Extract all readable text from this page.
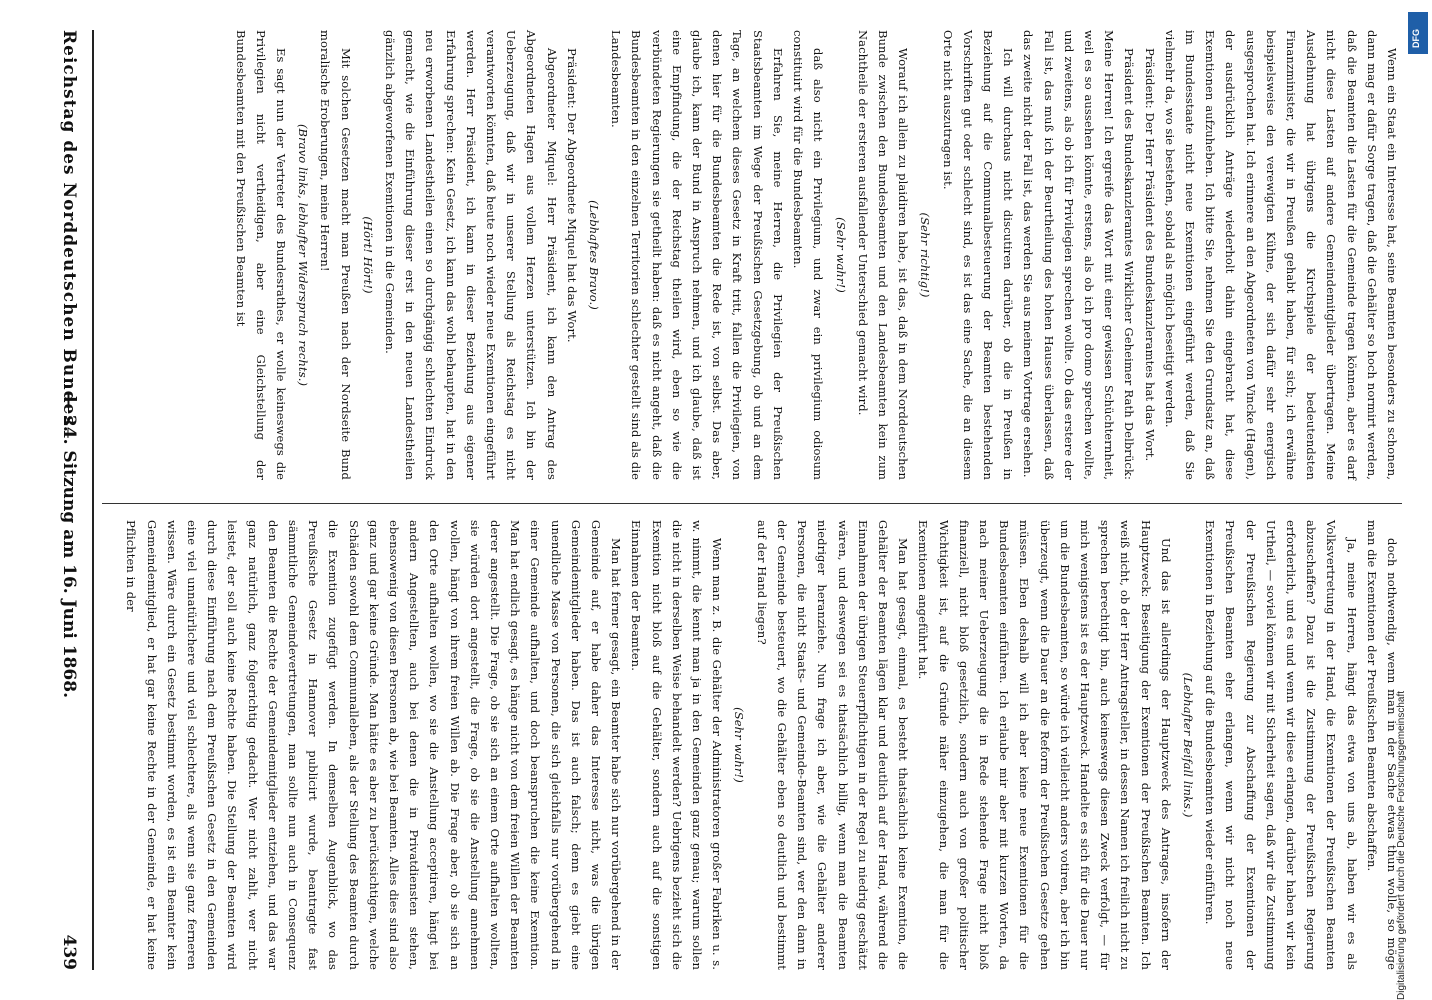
Reichstag des Norddeutschen Bundes.
— 24. Sitzung am 16. Juni 1868.
439

Wenn ein Staat ein Interesse hat, seine Beamten besonders zu schonen, dann mag er dafür Sorge tragen, daß die Gehälter so hoch normirt werden, daß die Beamten die Lasten für die Gemeinde tragen können, aber es darf nicht diese Lasten auf andere Gemeindemitglieder übertragen. Meine Ausdehnung hat übrigens die Kirchspiele der bedeutendsten Finanzminister, die wir in Preußen gehabt haben, für sich; ich erwähne beispielsweise den verewigten Kühne, der sich dafür sehr energisch ausgesprochen hat. Ich erinnere an den Abgeordneten von Vincke (Hagen), der ausdrücklich Anträge wiederholt dahin eingebracht hat, diese Exemtionen aufzuheben. Ich bitte Sie, nehmen Sie den Grundsatz an, daß im Bundesstaate nicht neue Exemtionen eingeführt werden, daß Sie vielmehr da, wo sie bestehen, sobald als möglich beseitigt werden.

Präsident: Der Herr Präsident des Bundeskanzleramtes hat das Wort.

Präsident des Bundeskanzleramtes Wirklicher Geheimer Rath Delbrück: Meine Herren! Ich ergreife das Wort mit einer gewissen Schüchternheit, weil es so aussehen könnte, erstens, als ob ich pro domo sprechen wollte, und zweitens, als ob ich für Privilegien sprechen wollte. Ob das erstere der Fall ist, das muß ich der Beurtheilung des hohen Hauses überlassen, daß das zweite nicht der Fall ist, das werden Sie aus meinem Vortrage ersehen.

Ich will durchaus nicht discutiren darüber, ob die in Preußen in Beziehung auf die Communalbesteuerung der Beamten bestehenden Vorschriften gut oder schlecht sind, es ist das eine Sache, die an diesem Orte nicht auszutragen ist.

(Sehr richtig!)

Worauf ich allein zu plaidiren habe, ist das, daß in dem Norddeutschen Bunde zwischen den Bundesbeamten und den Landesbeamten kein zum Nachtheile der ersteren ausfallender Unterschied gemacht wird.

(Sehr wahr!)

daß also nicht ein Privilegium, und zwar ein privilegium odiosum constituirt wird für die Bundesbeamten.

Erfahren Sie, meine Herren, die Privilegien der Preußischen Staatsbeamten im Wege der Preußischen Gesetzgebung, ob und an dem Tage, an welchem dieses Gesetz in Kraft tritt, fallen die Privilegien, von denen hier für die Bundesbeamten die Rede ist, von selbst. Das aber, glaube ich, kann der Bund in Anspruch nehmen, und ich glaube, daß ist eine Empfindung, die der Reichstag theilen wird, eben so wie die verbündeten Regierungen sie getheilt haben: daß es nicht angeht, daß die Bundesbeamten in den einzelnen Territorien schlechter gestellt sind als die Landesbeamten.

(Lebhaftes Bravo.)

Präsident: Der Abgeordnete Miquel hat das Wort.

Abgeordneter Miquel: Herr Präsident, ich kann den Antrag des Abgeordneten Hagen aus vollem Herzen unterstützen. Ich bin der Ueberzeugung, daß wir in unserer Stellung als Reichstag es nicht verantworten könnten, daß heute noch wieder neue Exemtionen eingeführt werden. Herr Präsident, ich kann in dieser Beziehung aus eigener Erfahrung sprechen: Kein Gesetz, ich kann das wohl behaupten, hat in den neu erworbenen Landestheilen einen so durchgängig schlechten Eindruck gemacht, wie die Einführung dieser erst in den neuen Landestheilen gänzlich abgeworfenen Exemtionen in die Gemeinden.

(Hört! Hört!)

Mit solchen Gesetzen macht man Preußen nach der Nordseite Bund moralische Eroberungen, meine Herren!

(Bravo links, lebhafter Widerspruch rechts.)

Es sagt nun der Vertreter des Bundesrathes, er wolle keineswegs die Privilegien nicht vertheidigen, aber eine Gleichstellung der Bundesbeamten mit den Preußischen Beamten ist

doch nothwendig, wenn man in der Sache etwas thun wolle, so möge man die Exemtionen der Preußischen Beamten abschaffen.

Ja, meine Herren, hängt das etwa von uns ab, haben wir es als Volksvertretung in der Hand, die Exemtionen der Preußischen Beamten abzuschaffen? Dazu ist die Zustimmung der Preußischen Regierung erforderlich, und es und wenn wir diese erlangen, darüber haben wir kein Urtheil, — soviel können wir mit Sicherheit sagen, daß wir die Zustimmung der Preußischen Regierung zur Abschaffung der Exemtionen der Preußischen Beamten eher erlangen, wenn wir nicht noch neue Exemtionen in Beziehung auf die Bundesbeamten wieder einführen.

(Lebhafter Beifall links.)

Und das ist allerdings der Hauptzweck des Antrages, insofern der Hauptzweck: Beseitigung der Exemtionen der Preußischen Beamten. Ich weiß nicht, ob der Herr Antragsteller, in dessen Namen ich freilich nicht zu sprechen berechtigt bin, auch keineswegs diesen Zweck verfolgt, — für mich wenigstens ist es der Hauptzweck. Handelte es sich für die Dauer nur um die Bundesbeamten, so würde ich vielleicht anders votiren, aber ich bin überzeugt, wenn die Dauer an die Reform der Preußischen Gesetze gehen müssen. Eben deshalb will ich aber keine neue Exemtionen für die Bundesbeamten einführen. Ich erlaube mir aber mit kurzen Worten, da nach meiner Ueberzeugung die in Rede stehende Frage nicht bloß finanziell, nicht bloß gesetzlich, sondern auch von großer politischer Wichtigkeit ist, auf die Gründe näher einzugehen, die man für die Exemtionen angeführt hat.

Man hat gesagt, einmal, es besteht thatsächlich keine Exemtion, die Gehälter der Beamten lägen klar und deutlich auf der Hand, während die Einnahmen der übrigen Steuerpflichtigen in der Regel zu niedrig geschätzt wären, und deswegen sei es thatsächlich billig, wenn man die Beamten niedriger heranziehe. Nun frage ich aber, wie die Gehälter anderer Personen, die nicht Staats- und Gemeinde-Beamten sind, wer den dann in der Gemeinde besteuert, wo die Gehälter eben so deutlich und bestimmt auf der Hand liegen?

(Sehr wahr!)

Wenn man z. B. die Gehälter der Administratoren großer Fabriken u. s. w. nimmt, die kennt man ja in den Gemeinden ganz genau; warum sollen die nicht in derselben Weise behandelt werden? Uebrigens bezieht sich die Exemtion nicht bloß auf die Gehälter, sondern auch auf die sonstigen Einnahmen der Beamten.

Man hat ferner gesagt, ein Beamter habe sich nur vorübergehend in der Gemeinde auf, er habe daher das Interesse nicht, was die übrigen Gemeindemitglieder haben. Das ist auch falsch; denn es giebt eine unendliche Masse von Personen, die sich gleichfalls nur vorübergehend in einer Gemeinde aufhalten, und doch beanspruchen die keine Exemtion. Man hat endlich gesagt, es hänge nicht von dem freien Willen der Beamten derer angestellt. Die Frage, ob sie sich an einem Orte aufhalten wollten, sie würden dort angestellt, die Frage, ob sie die Anstellung annehmen wollen, hängt von ihrem freien Willen ab. Die Frage aber, ob sie sich an den Orte aufhalten wollen, wo sie die Anstellung acceptiren, hängt bei andern Angestellten, auch bei denen die in Privatdiensten stehen, ebensowenig von diesen Personen ab, wie bei Beamten. Alles dies sind also ganz und gar keine Gründe. Man hätte es aber zu berücksichtigen, welche Schäden sowohl dem Communalleben, als der Stellung des Beamten durch die Exemtion zugefügt werden. In demselben Augenblick, wo das Preußische Gesetz in Hannover publicirt wurde, beantragte fast sämmtliche Gemeindevertretungen, man sollte nun auch in Consequenz den Beamten die Rechte der Gemeindemitglieder entziehen, und das war ganz natürlich, ganz folgerichtig gedacht. Wer nicht zahlt, wer nicht leistet, der soll auch keine Rechte haben. Die Stellung der Beamten wird durch diese Einführung nach dem Preußischen Gesetz in den Gemeinden eine viel unnatürlichere und viel schlechtere, als wenn sie ganz ferneren wissen. Wäre durch ein Gesetz bestimmt worden, es ist ein Beamter kein Gemeindemitglied, er hat gar keine Rechte in der Gemeinde, er hat keine Pflichten in der

DFG
Digitalisierung gefördert durch die Deutsche Forschungsgemeinschaft
